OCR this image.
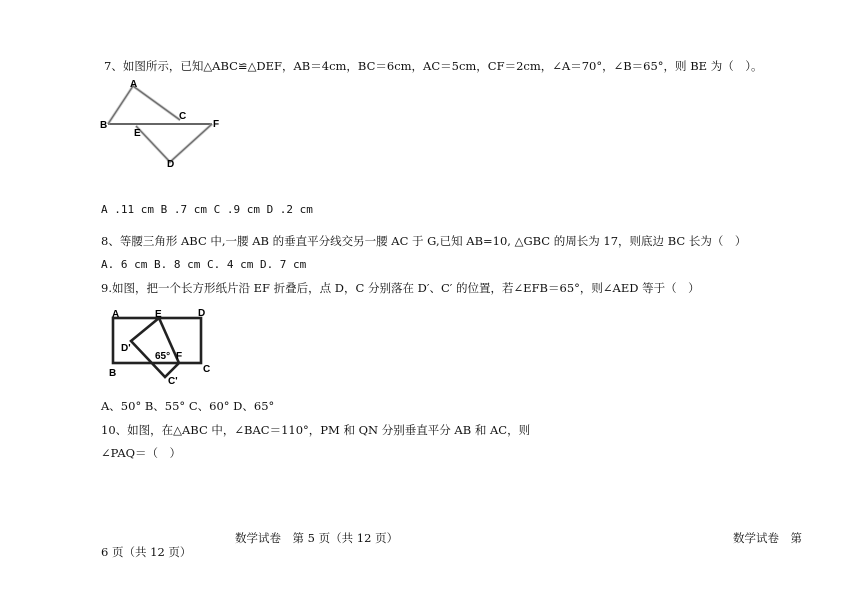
7、如图所示，已知△ABC≌△DEF，AB＝4cm，BC＝6cm，AC＝5cm，CF＝2cm，∠A＝70°，∠B＝65°，则 BE 为（　）。
A
B
C
E
F
D
A .11 cm B .7 cm C .9 cm D .2 cm
8、等腰三角形 ABC 中,一腰 AB 的垂直平分线交另一腰 AC 于 G,已知 AB=10, △GBC 的周长为 17，则底边 BC 长为（　）
A. 6 cm B. 8 cm C. 4 cm D. 7 cm
9.如图，把一个长方形纸片沿 EF 折叠后，点 D，C 分别落在 D′、C′ 的位置，若∠EFB＝65°，则∠AED 等于（　）
A	E	D
D'
65° F
B
C'
C
A、50° B、55° C、60° D、65°
10、如图，在△ABC 中，∠BAC＝110°，PM 和 QN 分别垂直平分 AB 和 AC，则
∠PAQ＝（　）
数学试卷　第 5 页（共 12 页）	数学试卷　第
6 页（共 12 页）
